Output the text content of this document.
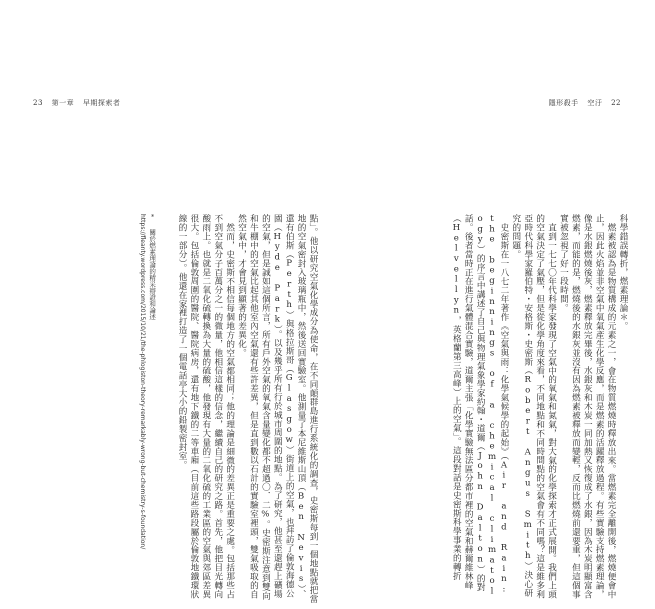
23 第一章 早期探索者	隱形殺手 空汙 22

點」。他以研究空氣化學成分為使命，在不同顛群島進行系統化的調查，史密斯每到一個地點就把當地的空氣密封入玻璃瓶中，然後送回實驗室。他測量了本尼維斯山頂（Ben Nevis）、還有伯斯（Perth）與格拉斯哥（Glasgow）街道上的空氣，也拜訪了倫敦海德公園（Hyde Park）。以及幾乎所有行於城市周圍的地點。為了研究，他甚至還趕上礦場的空氣，但是誠如這個所言，所有戶外空氣的氧氣含量變化都不超過〇．二%。史密斯注意到雙向和牛棚中的空氣比起其他室內空氣還有些許差異，但是直到數以石計的實驗室裡頭，雙氣吸取的自然空氣中，才會見到顯著的差異化。

然而，史密斯不相信每個地方的空氣都相同；他的理論是細微的差異正是重要之處。包括那些占不到空氣分子百萬分之一的微量，他相信這樣的信念，繼續自己的研究之路。首先，他把目光轉向酸雨上。也就是二氧化硫轉換為大量的硫酸，他發現有大量的二氧化硫的工業區的空氣與郊區差異很大。包括倫敦周圍的醫院、醫院病房，還有地下鐵的二等車廂（目前這些路段屬於倫敦地鐵環狀線的一部分）。他還在家裡打造了一個電話亭大小的鉛製密封室。

* 關於燃素理論的精采辯證和論述
https://fleanty.wordpress.com/2015/10/21/the-phlogiston-theory-remarkably-wrong-but-chemistry-s-foundation/	科學錯誤轉折，燃素理論＊。

燃素被認為是物質構成的元素之一，會在物質燃燒時釋放出來。當燃素完全離開後，燃燒便會中止，因此火焰並非空氣中氧氣產生化學反應，而是燃素的活躍釋放過程。有些實驗支持燃素理論，像是水銀燃燒後灰，燃素釋放完畢後，水銀灰和木炭一同加熱又恢復成了水銀，因為木炭明顯富含燃素，而能的是，燃燒後的水銀灰並沒有因為燃素被釋放而變輕，反而比燃燒前還要重，但這個事實被忽視了好一段時間。

直到一七七〇年代科學家發現了空氣中的氧氣和氮氣，對大氣的化學探索才正式展開。我們上頭的空氣決定了氣壓，但是從化學角度來看，不同地點和不同時間點的空氣會有不同嗎？這是維多利亞時代科學家羅伯特・安格斯・史密斯（Robert Angus Smith）決心研究的問題。

史密斯在一八七二年著作《空氣與雨：化學氣候學的起始》（Air and Rain: the beginnings of a chemical climatology）的序言中講述了自己與物理氣象學家約翰・道爾（John Dalton）的對話。後者當時正在進行氣體混合實驗，道爾主張「化學實驗無法區分都市裡的空氣和赫爾維林峰（Helvellyn，英格蘭第三高峰）上的空氣」。這段對話是史密斯科學事業的轉折
